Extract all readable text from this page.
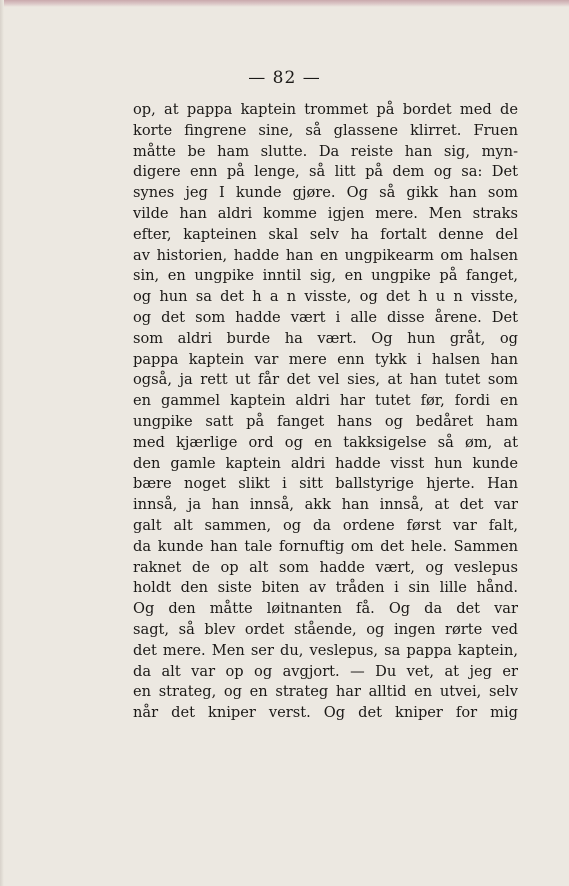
— 82 —
op, at pappa kaptein trommet på bordet med de
korte fingrene sine, så glassene klirret. Fruen
måtte be ham slutte. Da reiste han sig, myn-
digere enn på lenge, så litt på dem og sa: Det
synes jeg I kunde gjøre. Og så gikk han som
vilde han aldri komme igjen mere. Men straks
efter, kapteinen skal selv ha fortalt denne del
av historien, hadde han en ungpikearm om halsen
sin, en ungpike inntil sig, en ungpike på fanget,
og hun sa det h a n visste, og det h u n visste,
og det som hadde vært i alle disse årene. Det
som aldri burde ha vært. Og hun gråt, og
pappa kaptein var mere enn tykk i halsen han
også, ja rett ut får det vel sies, at han tutet som
en gammel kaptein aldri har tutet før, fordi en
ungpike satt på fanget hans og bedåret ham
med kjærlige ord og en takksigelse så øm, at
den gamle kaptein aldri hadde visst hun kunde
bære noget slikt i sitt ballstyrige hjerte. Han
innså, ja han innså, akk han innså, at det var
galt alt sammen, og da ordene først var falt,
da kunde han tale fornuftig om det hele. Sammen
raknet de op alt som hadde vært, og veslepus
holdt den siste biten av tråden i sin lille hånd.
Og den måtte løitnanten få. Og da det var
sagt, så blev ordet stående, og ingen rørte ved
det mere. Men ser du, veslepus, sa pappa kaptein,
da alt var op og avgjort. — Du vet, at jeg er
en strateg, og en strateg har alltid en utvei, selv
når det kniper verst. Og det kniper for mig
